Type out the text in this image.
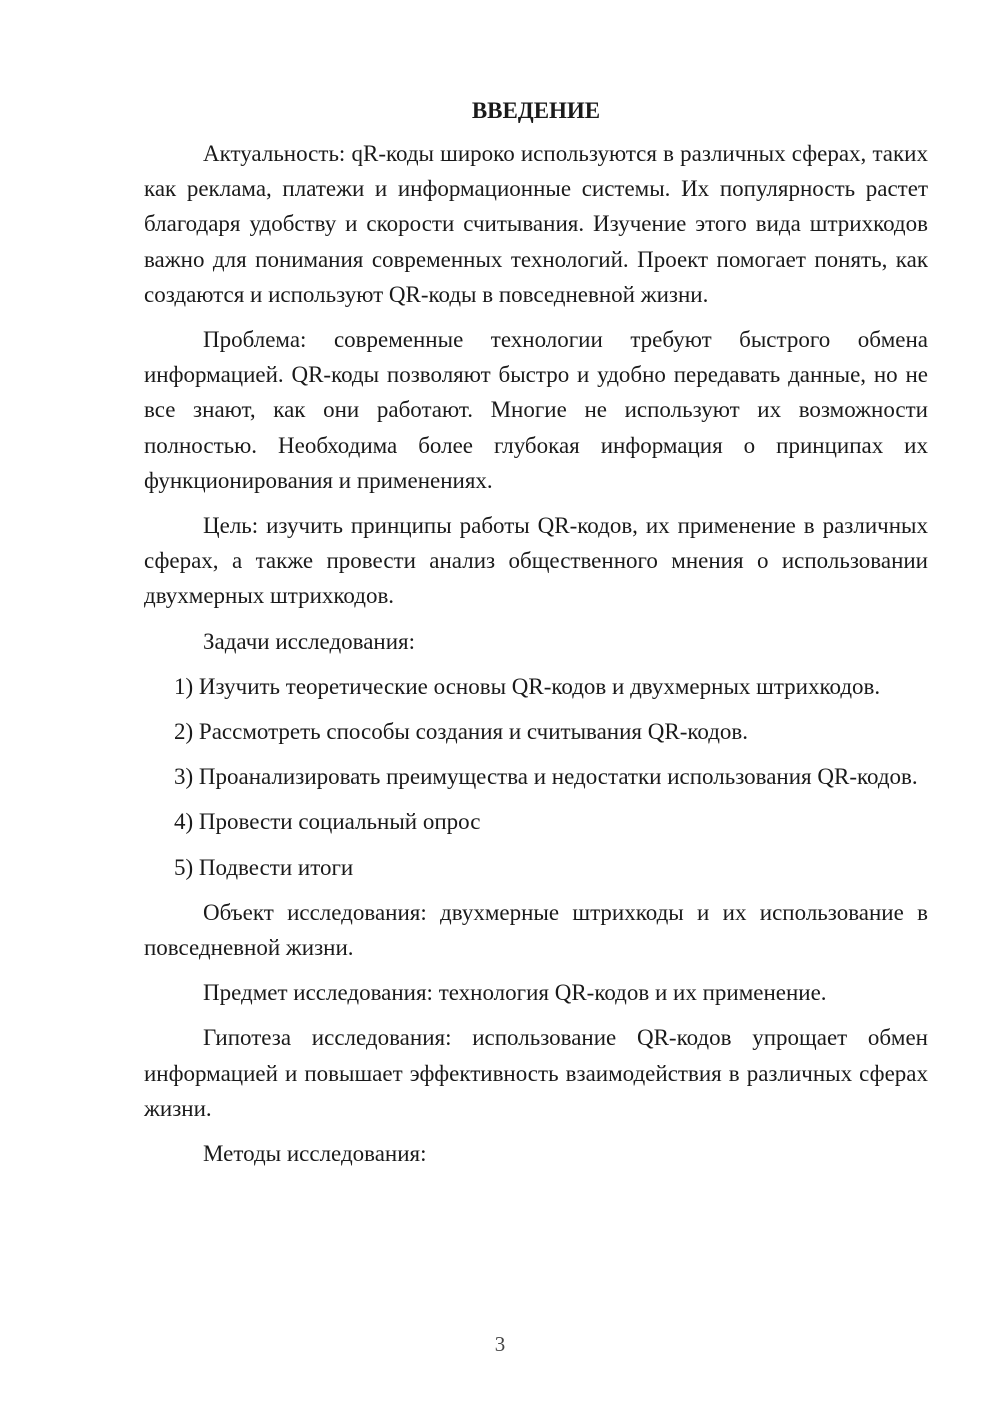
ВВЕДЕНИЕ

Актуальность: qR-коды широко используются в различных сферах, таких как реклама, платежи и информационные системы. Их популярность растет благодаря удобству и скорости считывания. Изучение этого вида штрихкодов важно для понимания современных технологий. Проект помогает понять, как создаются и используют QR-коды в повседневной жизни.

Проблема: современные технологии требуют быстрого обмена информацией. QR-коды позволяют быстро и удобно передавать данные, но не все знают, как они работают. Многие не используют их возможности полностью. Необходима более глубокая информация о принципах их функционирования и применениях.

Цель: изучить принципы работы QR-кодов, их применение в различных сферах, а также провести анализ общественного мнения о использовании двухмерных штрихкодов.

Задачи исследования:

1) Изучить теоретические основы QR-кодов и двухмерных штрихкодов.

2) Рассмотреть способы создания и считывания QR-кодов.

3) Проанализировать преимущества и недостатки использования QR-кодов.

4) Провести социальный опрос

5) Подвести итоги

Объект исследования: двухмерные штрихкоды и их использование в повседневной жизни.

Предмет исследования: технология QR-кодов и их применение.

Гипотеза исследования: использование QR-кодов упрощает обмен информацией и повышает эффективность взаимодействия в различных сферах жизни.

Методы исследования:

3
